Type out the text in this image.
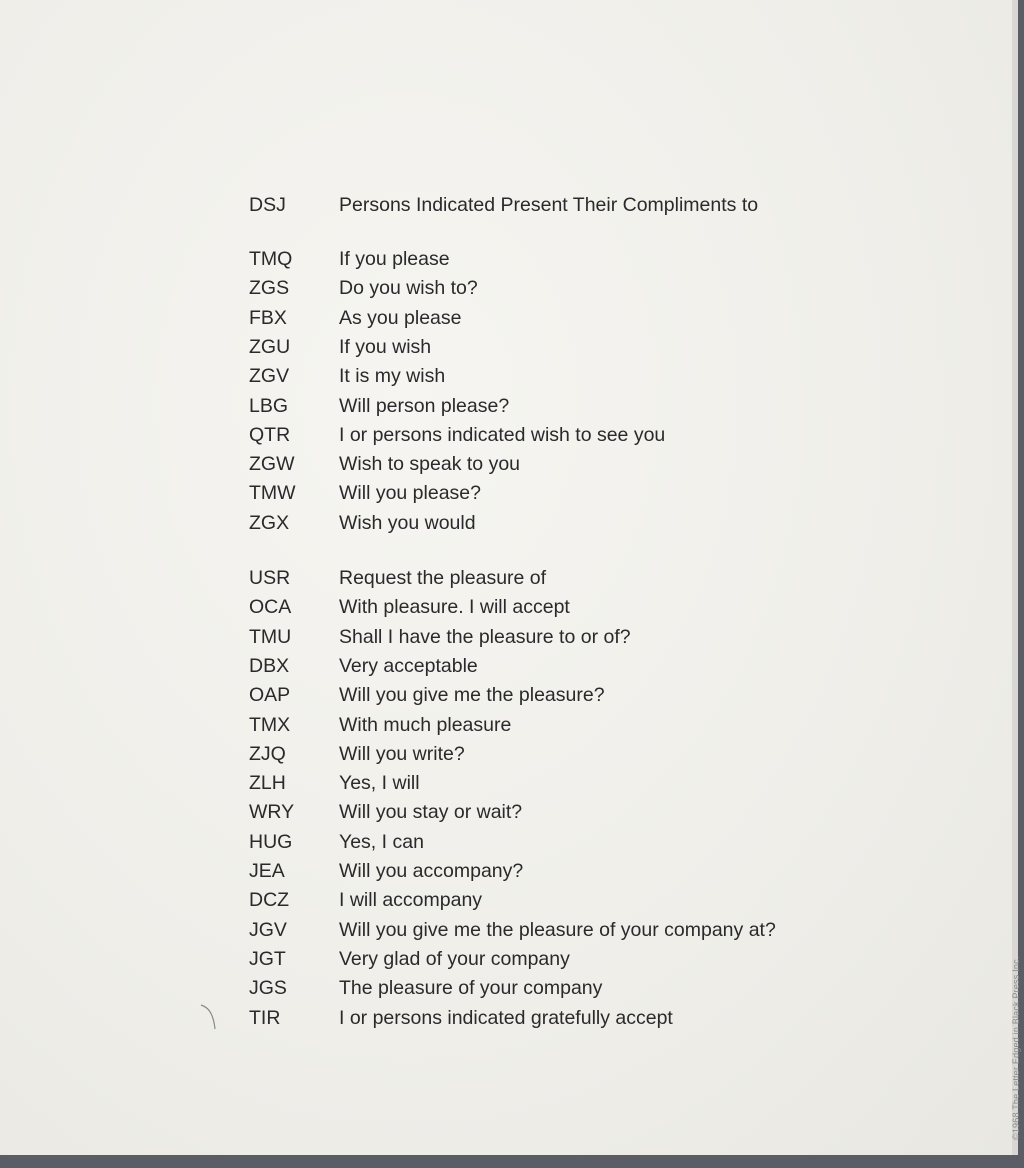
DSJ	Persons Indicated Present Their Compliments to
TMQ If you please
ZGS	Do you wish to?
FBX	As you please
ZGU	If you wish
ZGV	It is my wish
LBG	Will person please?
QTR	I or persons indicated wish to see you
ZGW Wish to speak to you
TMW Will you please?
ZGX	Wish you would
USR	Request the pleasure of
OCA With pleasure. I will accept
TMU Shall I have the pleasure to or of?
DBX	Very acceptable
OAP	Will you give me the pleasure?
TMX	With much pleasure
ZJQ	Will you write?
ZLH	Yes, I will
WRY Will you stay or wait?
HUG Yes, I can
JEA	Will you accompany?
DCZ	I will accompany
JGV	Will you give me the pleasure of your company at?
JGT	Very glad of your company
JGS	The pleasure of your company
TIR	I or persons indicated gratefully accept	©1968 The Letter Edged in Black Press Inc.
